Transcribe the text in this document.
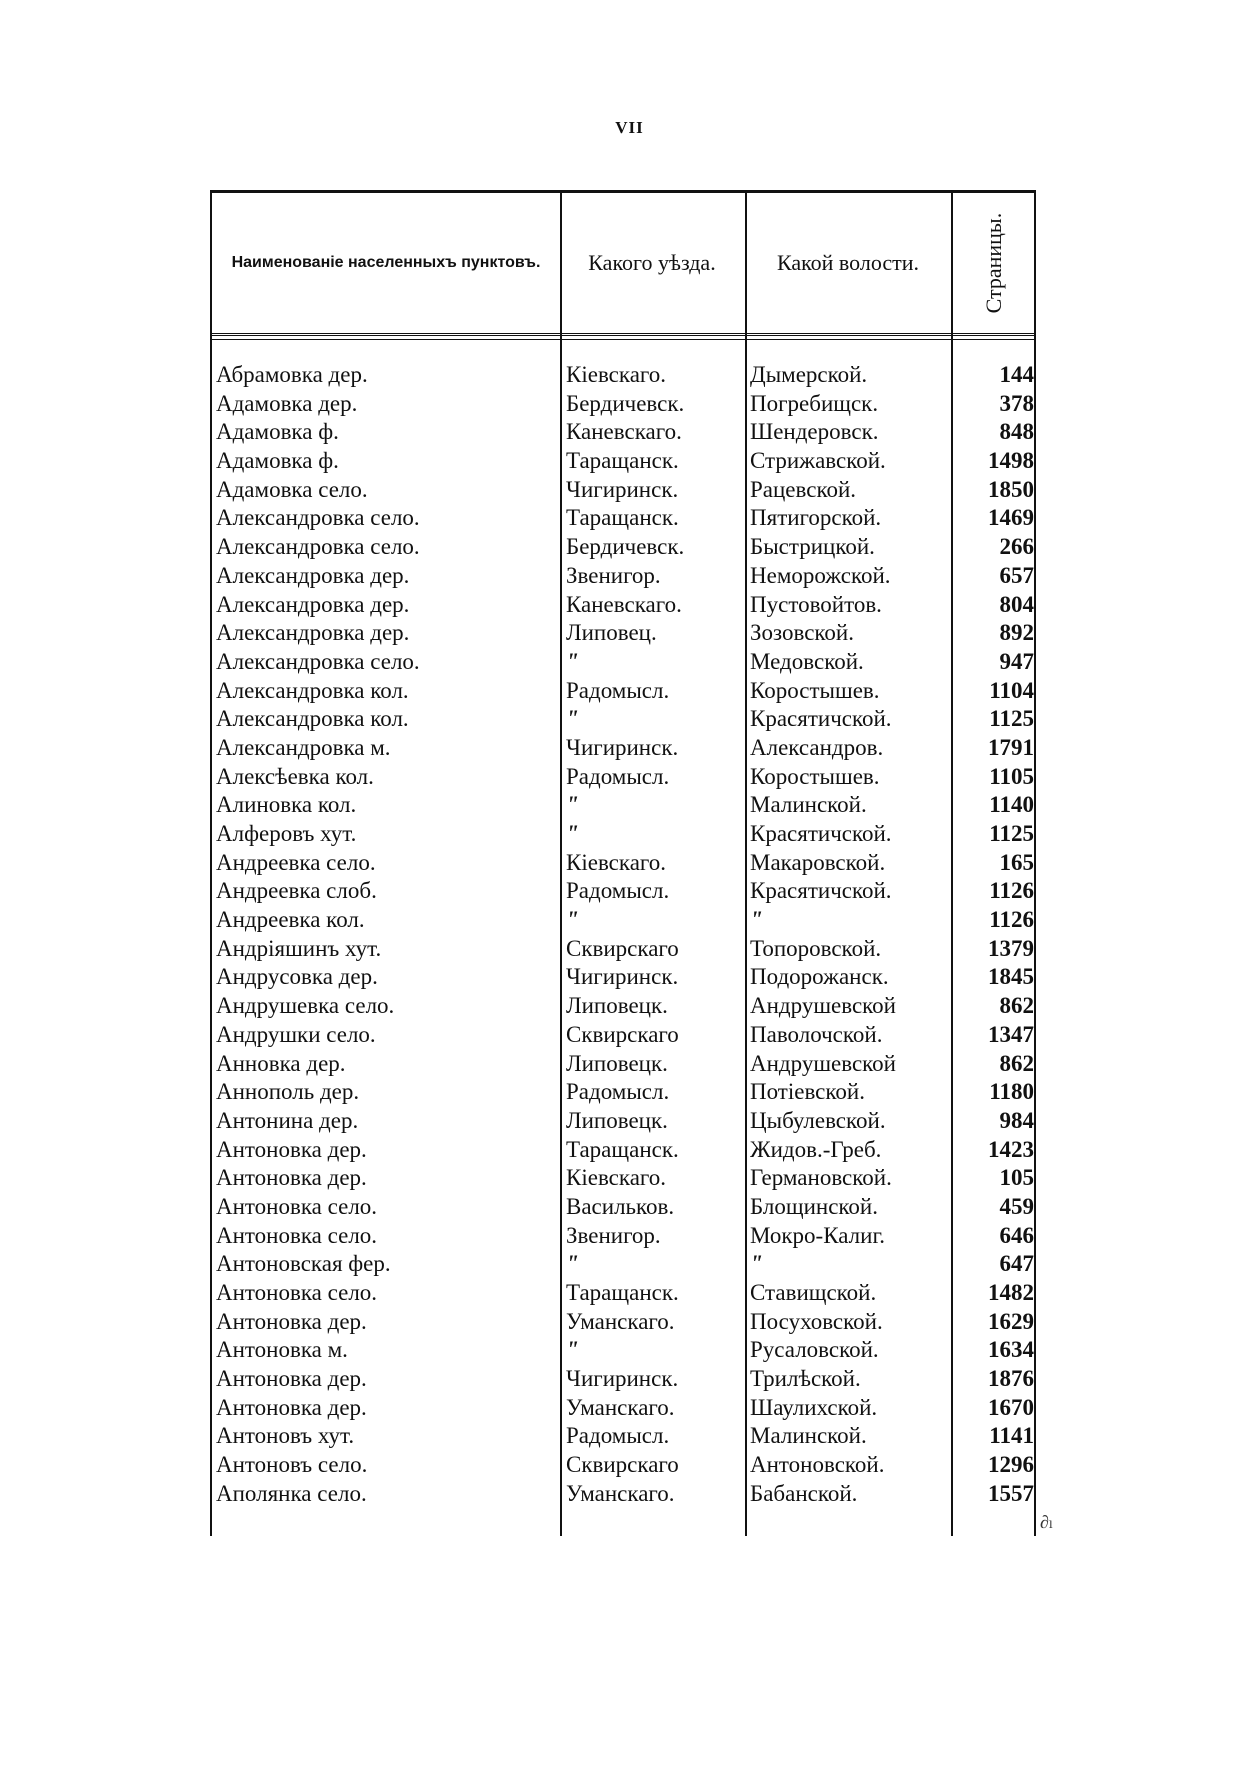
VII
Наименованіе населенныхъ пунктовъ.	Какого уѣзда.	Какой волости.	Страницы.
Абрамовка дер.	Кіевскаго.	Дымерской.	144
Адамовка дер.	Бердичевск.	Погребищск.	378
Адамовка ф.	Каневскаго.	Шендеровск.	848
Адамовка ф.	Таращанск.	Стрижавской.	1498
Адамовка село.	Чигиринск.	Рацевской.	1850
Александровка село.	Таращанск.	Пятигорской.	1469
Александровка село.	Бердичевск.	Быстрицкой.	266
Александровка дер.	Звенигор.	Неморожской.	657
Александровка дер.	Каневскаго.	Пустовойтов.	804
Александровка дер.	Липовец.	Зозовской.	892
Александровка село.	"	Медовской.	947
Александровка кол.	Радомысл.	Коростышев.	1104
Александровка кол.	"	Красятичской.	1125
Александровка м.	Чигиринск.	Александров.	1791
Алексѣевка кол.	Радомысл.	Коростышев.	1105
Алиновка кол.	"	Малинской.	1140
Алферовъ хут.	"	Красятичской.	1125
Андреевка село.	Кіевскаго.	Макаровской.	165
Андреевка слоб.	Радомысл.	Красятичской.	1126
Андреевка кол.	"	"	1126
Андріяшинъ хут.	Сквирскаго	Топоровской.	1379
Андрусовка дер.	Чигиринск.	Подорожанск.	1845
Андрушевка село.	Липовецк.	Андрушевской	862
Андрушки село.	Сквирскаго	Паволочской.	1347
Анновка дер.	Липовецк.	Андрушевской	862
Аннополь дер.	Радомысл.	Потіевской.	1180
Антонина дер.	Липовецк.	Цыбулевской.	984
Антоновка дер.	Таращанск.	Жидов.-Греб.	1423
Антоновка дер.	Кіевскаго.	Германовской.	105
Антоновка село.	Васильков.	Блощинской.	459
Антоновка село.	Звенигор.	Мокро-Калиг.	646
Антоновская фер.	"	"	647
Антоновка село.	Таращанск.	Ставищской.	1482
Антоновка дер.	Уманскаго.	Посуховской.	1629
Антоновка м.	"	Русаловской.	1634
Антоновка дер.	Чигиринск.	Трилѣской.	1876
Антоновка дер.	Уманскаго.	Шаулихской.	1670
Антоновъ хут.	Радомысл.	Малинской.	1141
Антоновъ село.	Сквирскаго	Антоновской.	1296
Аполянка село.	Уманскаго.	Бабанской.	1557
∂ₗ
